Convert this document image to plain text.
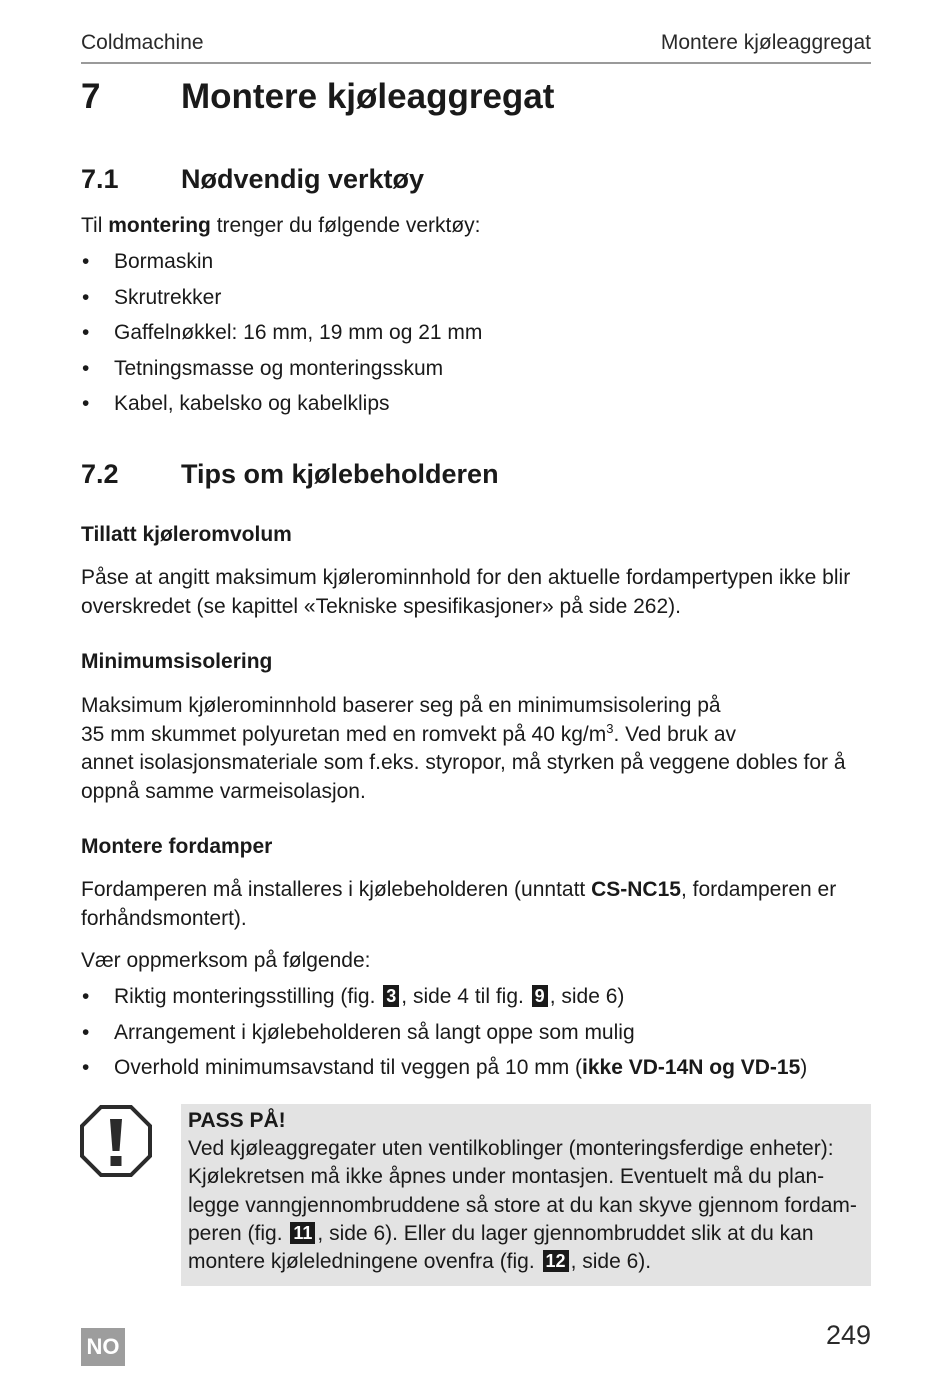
Coldmachine	Montere kjøleaggregat
7 Montere kjøleaggregat
7.1 Nødvendig verktøy
Til montering trenger du følgende verktøy:
• Bormaskin
• Skrutrekker
• Gaffelnøkkel: 16 mm, 19 mm og 21 mm
• Tetningsmasse og monteringsskum
• Kabel, kabelsko og kabelklips
7.2 Tips om kjølebeholderen
Tillatt kjøleromvolum
Påse at angitt maksimum kjølerominnhold for den aktuelle fordampertypen ikke blir
overskredet (se kapittel «Tekniske spesifikasjoner» på side 262).
Minimumsisolering
Maksimum kjølerominnhold baserer seg på en minimumsisolering på
35 mm skummet polyuretan med en romvekt på 40 $kg/m^3$. Ved bruk av
annet isolasjonsmateriale som f.eks. styropor, må styrken på veggene dobles for å
oppnå samme varmeisolasjon.
Montere fordamper
Fordamperen må installeres i kjølebeholderen (unntatt CS-NC15, fordamperen er
forhåndsmontert).
Vær oppmerksom på følgende:
• Riktig monteringsstilling (fig. 3 , side 4 til fig. 9 , side 6)
• Arrangement i kjølebeholderen så langt oppe som mulig
• Overhold minimumsavstand til veggen på 10 mm (ikke VD-14N og VD-15)
PASS PÅ!
Ved kjøleaggregater uten ventilkoblinger (monteringsferdige enheter):
Kjølekretsen må ikke åpnes under montasjen. Eventuelt må du plan-
legge vanngjennombruddene så store at du kan skyve gjennom fordam-
peren (fig. 11 , side 6). Eller du lager gjennombruddet slik at du kan
montere kjøleledningene ovenfra (fig. 12 , side 6).
249
NO
